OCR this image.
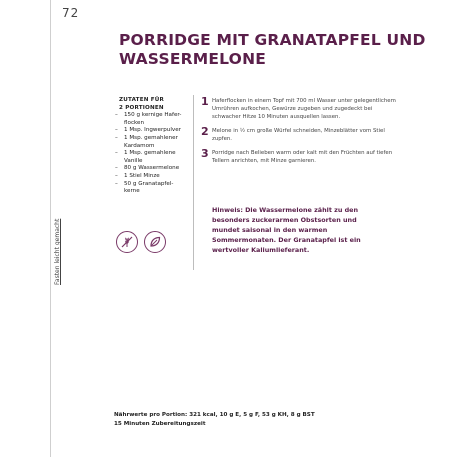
72
Fasten leicht gemacht
PORRIDGE MIT GRANATAPFEL UND WASSERMELONE
ZUTATEN FÜR
2 PORTIONEN
– 150 g kernige Hafer-
flocken
– 1 Msp. Ingwerpulver
– 1 Msp. gemahlener
Kardamom
– 1 Msp. gemahlene
Vanille
– 80 g Wassermelone
– 1 Stiel Minze
– 50 g Granatapfel-
kerne
1 Haferflocken in einem Topf mit 700 ml Wasser unter gelegentlichem Umrühren aufkochen, Gewürze zugeben und zugedeckt bei schwacher Hitze 10 Minuten ausquellen lassen.
2 Melone in ½ cm große Würfel schneiden, Minzeblätter vom Stiel zupfen.
3 Porridge nach Belieben warm oder kalt mit den Früchten auf tiefen Tellern anrichten, mit Minze garnieren.
Hinweis: Die Wassermelone zählt zu den besonders zuckerarmen Obstsorten und mundet saisonal in den warmen Sommermonaten. Der Granatapfel ist ein wertvoller Kaliumlieferant.
Nährwerte pro Portion: 321 kcal, 10 g E, 5 g F, 53 g KH, 8 g BST
15 Minuten Zubereitungszeit
